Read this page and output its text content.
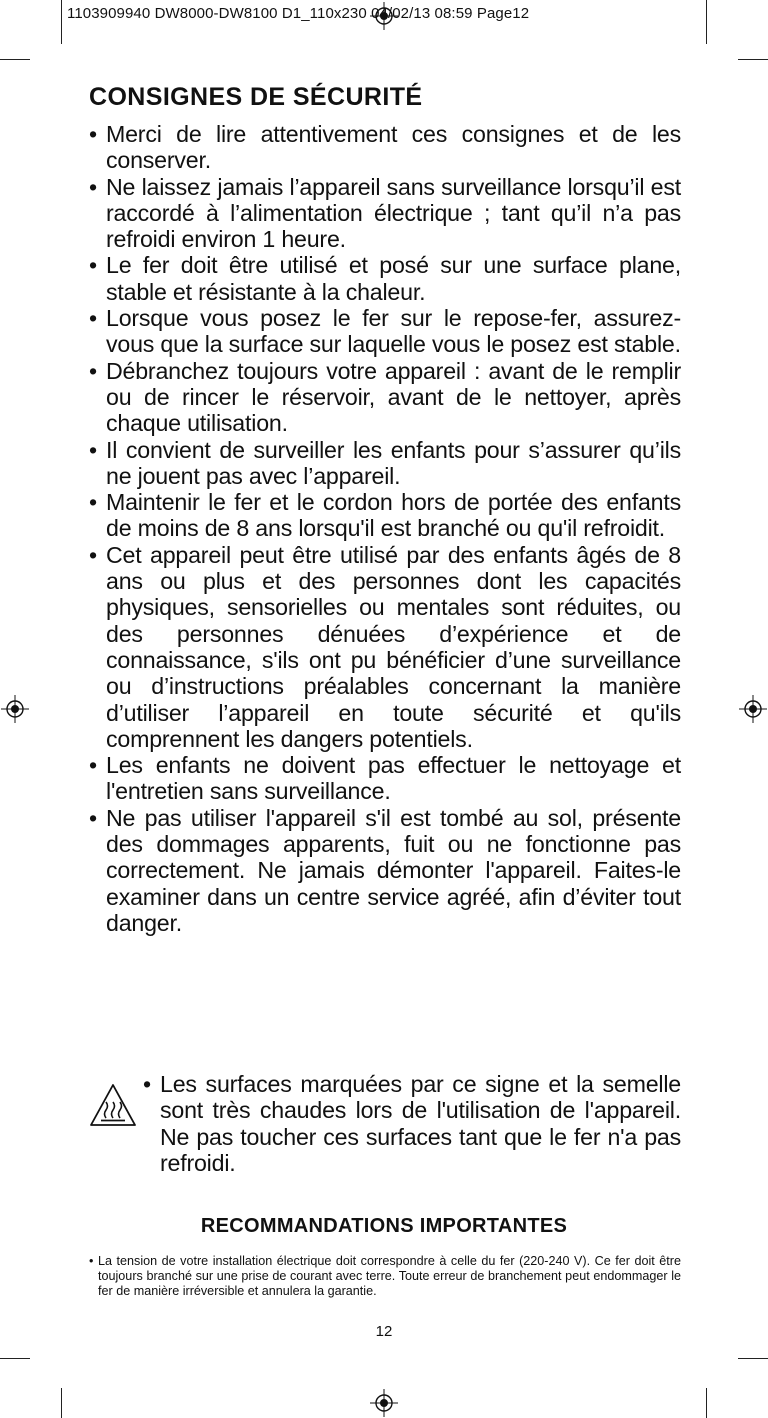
1103909940 DW8000-DW8100 D1_110x230 04/02/13 08:59 Page12
CONSIGNES DE SÉCURITÉ
• Merci de lire attentivement ces consignes et de les conserver.
• Ne laissez jamais l’appareil sans surveillance lorsqu’il est raccordé à l’alimentation électrique ; tant qu’il n’a pas refroidi environ 1 heure.
• Le fer doit être utilisé et posé sur une surface plane, stable et résistante à la chaleur.
• Lorsque vous posez le fer sur le repose-fer, assurez-vous que la surface sur laquelle vous le posez est stable.
• Débranchez toujours votre appareil : avant de le remplir ou de rincer le réservoir, avant de le nettoyer, après chaque utilisation.
• Il convient de surveiller les enfants pour s’assurer qu’ils ne jouent pas avec l’appareil.
• Maintenir le fer et le cordon hors de portée des enfants de moins de 8 ans lorsqu'il est branché ou qu'il refroidit.
• Cet appareil peut être utilisé par des enfants âgés de 8 ans ou plus et des personnes dont les capacités physiques, sensorielles ou mentales sont réduites, ou des personnes dénuées d’expérience et de connaissance, s'ils ont pu bénéficier d’une surveillance ou d’instructions préalables concernant la manière d’utiliser l’appareil en toute sécurité et qu'ils comprennent les dangers potentiels.
• Les enfants ne doivent pas effectuer le nettoyage et l'entretien sans surveillance.
• Ne pas utiliser l'appareil s'il est tombé au sol, présente des dommages apparents, fuit ou ne fonctionne pas correctement. Ne jamais démonter l'appareil. Faites-le examiner dans un centre service agréé, afin d’éviter tout danger.
• Les surfaces marquées par ce signe et la semelle sont très chaudes lors de l'utilisation de l'appareil. Ne pas toucher ces surfaces tant que le fer n'a pas refroidi.
RECOMMANDATIONS IMPORTANTES
• La tension de votre installation électrique doit correspondre à celle du fer (220-240 V). Ce fer doit être toujours branché sur une prise de courant avec terre. Toute erreur de branchement peut endommager le fer de manière irréversible et annulera la garantie.
12
